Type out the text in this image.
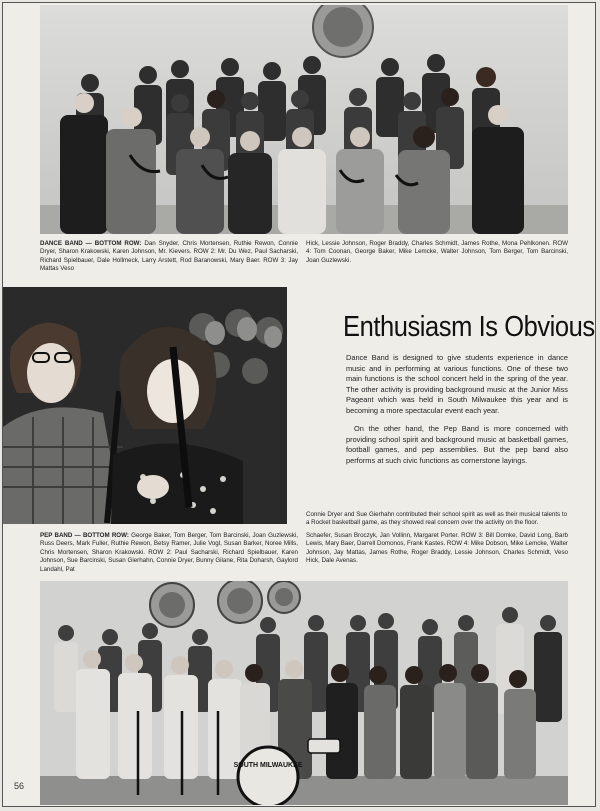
DANCE BAND — BOTTOM ROW: Dan Snyder, Chris Mortensen, Ruthie Rewon, Connie Dryer, Sharon Krakowski, Karen Johnson, Mr. Kievers. ROW 2: Mr. Du Wez, Paul Sacharski, Richard Spielbauer, Dale Hollmeck, Larry Arstett, Rod Baranowski, Mary Baer. ROW 3: Jay Mattas Veso
Hick, Lessie Johnson, Roger Braddy, Charles Schmidt, James Rothe, Mona Pehlkonen. ROW 4: Tom Coonan, George Baker, Mike Lemcke, Walter Johnson, Tom Berger, Tom Barcinski, Joan Guzlewski.
Enthusiasm Is Obvious
Dance Band is designed to give students experience in dance music and in performing at various functions. One of these two main functions is the school concert held in the spring of the year. The other activity is providing background music at the Junior Miss Pageant which was held in South Milwaukee this year and is becoming a more spectacular event each year.
On the other hand, the Pep Band is more concerned with providing school spirit and background music at basketball games, football games, and pep assemblies. But the pep band also performs at such civic functions as cornerstone layings.
Connie Dryer and Sue Gierhahn contributed their school spirit as well as their musical talents to a Rocket basketball game, as they showed real concern over the activity on the floor.
PEP BAND — BOTTOM ROW: George Baker, Tom Berger, Tom Barcinski, Joan Guzlewski, Russ Deers, Mark Fuller, Ruthie Rewon, Betsy Ramer, Julie Vogl, Susan Barker, Noree Mills, Chris Mortensen, Sharon Krakowski. ROW 2: Paul Sacharski, Richard Spielbauer, Karen Johnson, Sue Barcinski, Susan Gierhahn, Connie Dryer, Bunny Gilane, Rita Doharsh, Gaylord Landahl, Pat
Schaefer, Susan Broczyk, Jan Vollinn, Margaret Porter. ROW 3: Bill Domke, David Long, Barb Lewis, Mary Baer, Darrell Domonos, Frank Kastes. ROW 4: Mike Dobson, Mike Lemcke, Walter Johnson, Jay Mattas, James Rothe, Roger Braddy, Lessie Johnson, Charles Schmidt, Veso Hick, Dale Avenas.
SOUTH MILWAUKEE
56
